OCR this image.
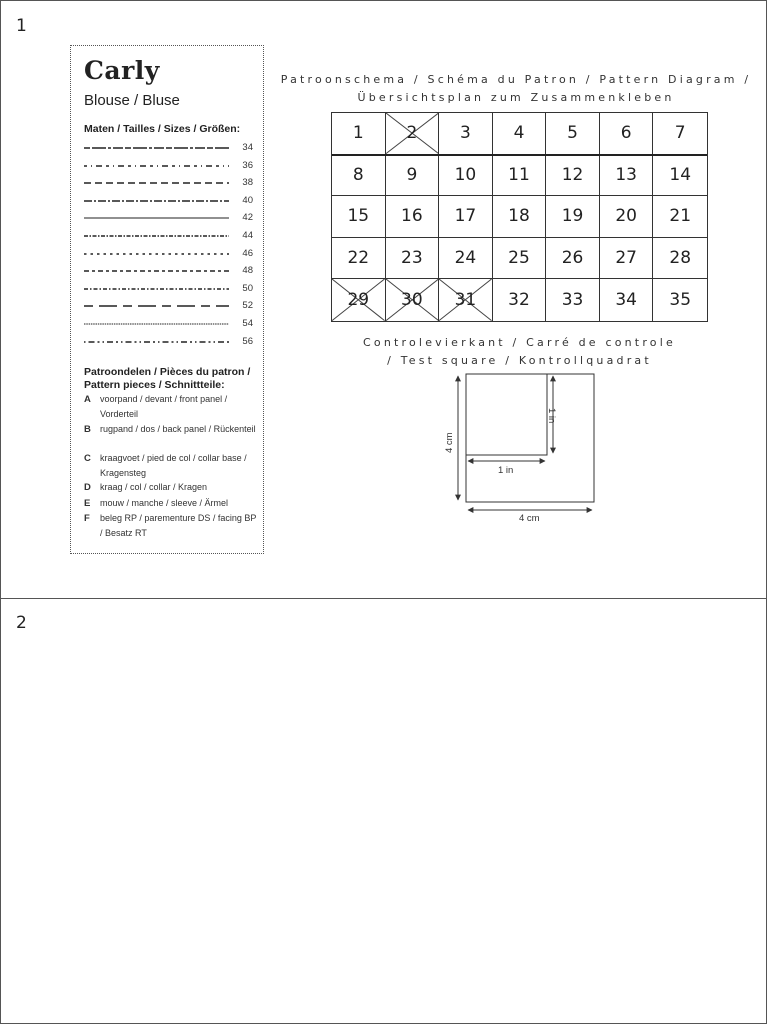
1
Carly
Blouse / Bluse
Maten / Tailles / Sizes / Größen:
34
36
38
40
42
44
46
48
50
52
54
56
Patroondelen / Pièces du patron / Pattern pieces / Schnittteile:
A voorpand / devant / front panel / Vorderteil
B rugpand / dos / back panel / Rückenteil
C kraagvoet / pied de col / collar base / Kragensteg
D kraag / col / collar / Kragen
E mouw / manche / sleeve / Ärmel
F beleg RP / parementure DS / facing BP / Besatz RT
Patroonschema / Schéma du Patron / Pattern Diagram /
Übersichtsplan zum Zusammenkleben
1	2	3	4	5	6	7
8	9 10 11 12 13 14
15 16 17 18 19 20 21
22 23 24 25 26 27 28
29 30 31 32 33 34 35
Controlevierkant / Carré de controle
/ Test square / Kontrollquadrat
1 in
1 in
4 cm
4 cm
2
